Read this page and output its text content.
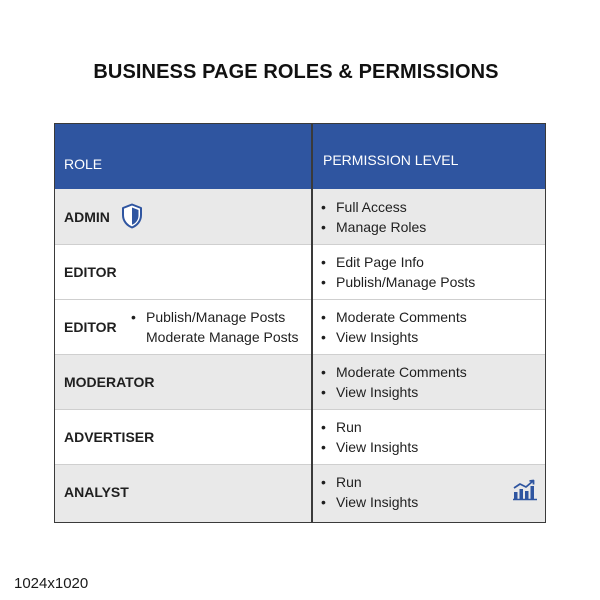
BUSINESS PAGE ROLES & PERMISSIONS
ROLE	PERMISSION LEVEL
ADMIN
• Full Access
• Manage Roles
EDITOR
• Edit Page Info
• Publish/Manage Posts
EDITOR
• Publish/Manage Posts
Moderate Manage Posts
• Moderate Comments
• View Insights
MODERATOR
• Moderate Comments
• View Insights
ADVERTISER
• Run
• View Insights
ANALYST
• Run
• View Insights
1024x1020
